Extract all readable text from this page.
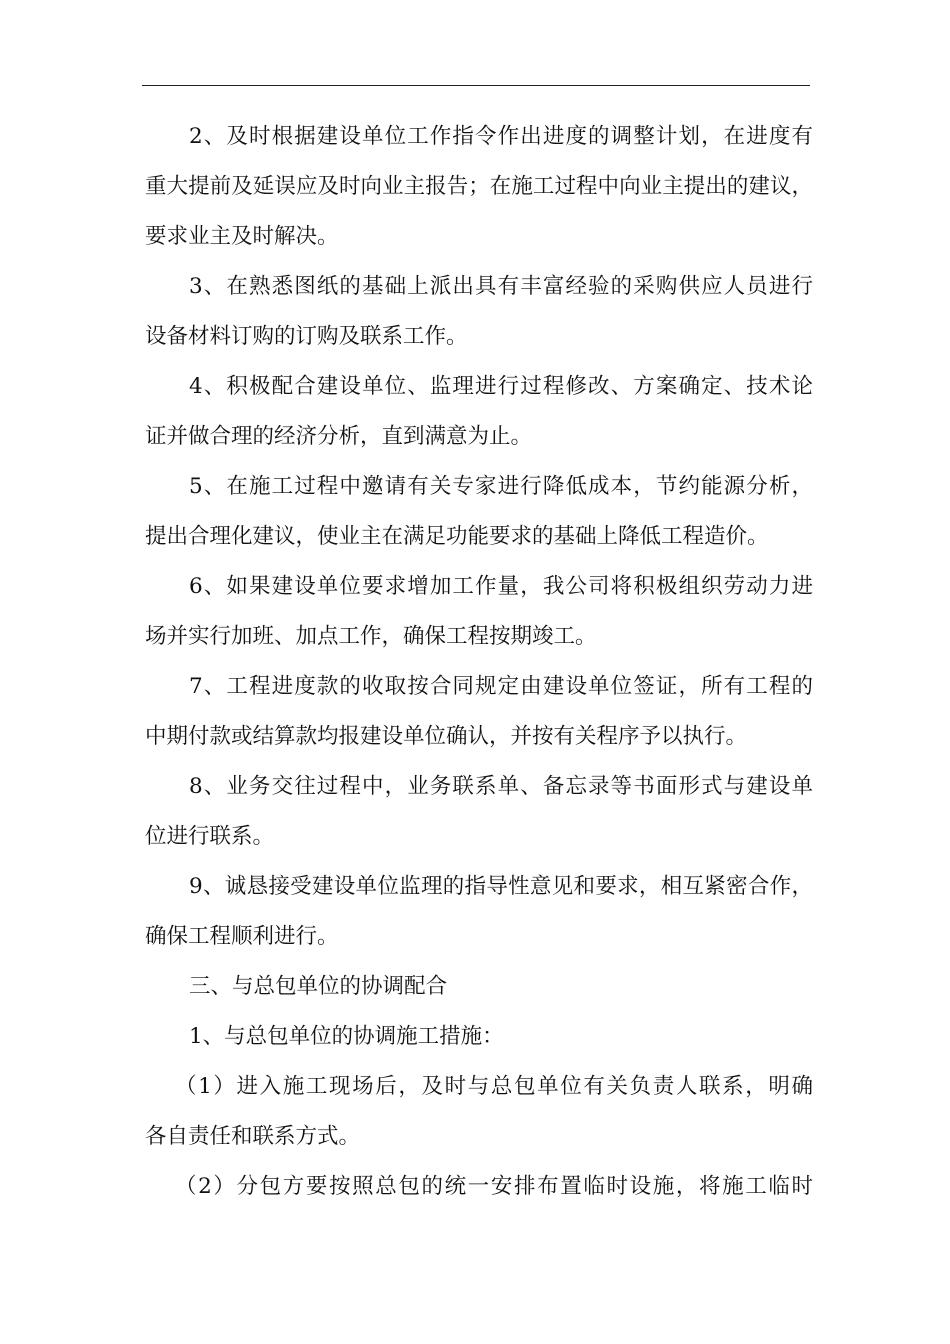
2、及时根据建设单位工作指令作出进度的调整计划，在进度有
重大提前及延误应及时向业主报告；在施工过程中向业主提出的建议，
要求业主及时解决。
3、在熟悉图纸的基础上派出具有丰富经验的采购供应人员进行
设备材料订购的订购及联系工作。
4、积极配合建设单位、监理进行过程修改、方案确定、技术论
证并做合理的经济分析，直到满意为止。
5、在施工过程中邀请有关专家进行降低成本，节约能源分析，
提出合理化建议，使业主在满足功能要求的基础上降低工程造价。
6、如果建设单位要求增加工作量，我公司将积极组织劳动力进
场并实行加班、加点工作，确保工程按期竣工。
7、工程进度款的收取按合同规定由建设单位签证，所有工程的
中期付款或结算款均报建设单位确认，并按有关程序予以执行。
8、业务交往过程中，业务联系单、备忘录等书面形式与建设单
位进行联系。
9、诚恳接受建设单位监理的指导性意见和要求，相互紧密合作，
确保工程顺利进行。
三、与总包单位的协调配合
1、与总包单位的协调施工措施：
（1）进入施工现场后，及时与总包单位有关负责人联系，明确
各自责任和联系方式。
（2）分包方要按照总包的统一安排布置临时设施，将施工临时
